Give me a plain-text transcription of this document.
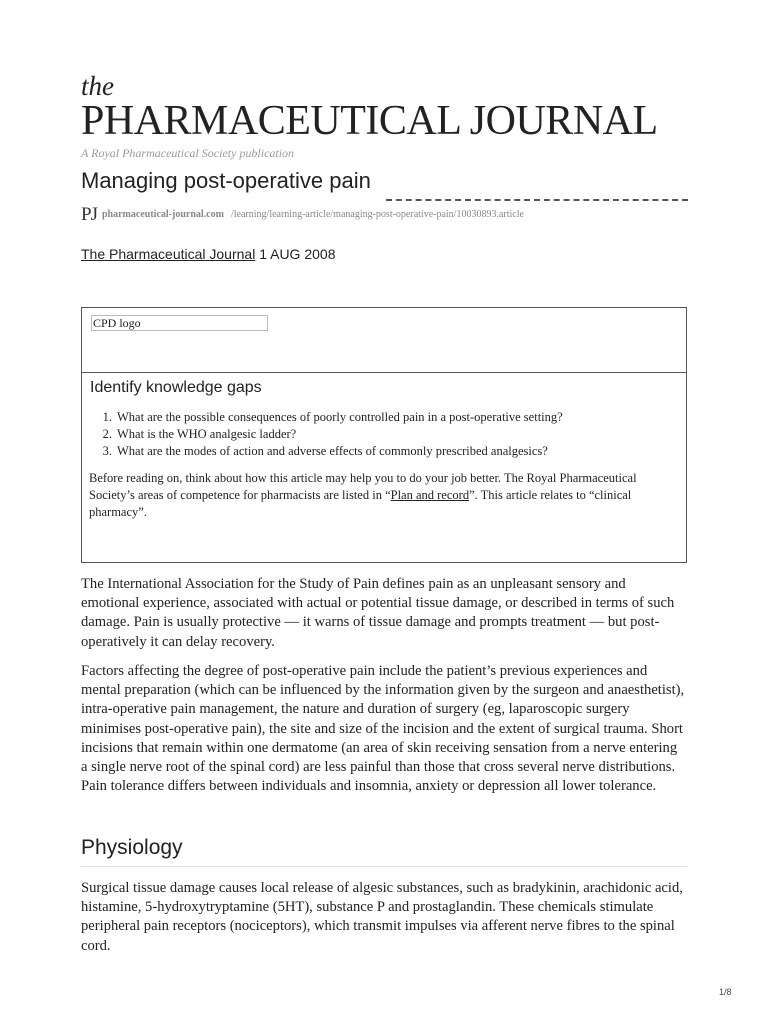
the
PHARMACEUTICAL JOURNAL
A Royal Pharmaceutical Society publication
Managing post-operative pain
PJ pharmaceutical-journal.com /learning/learning-article/managing-post-operative-pain/10030893.article
The Pharmaceutical Journal 1 AUG 2008
CPD logo
Identify knowledge gaps
1. What are the possible consequences of poorly controlled pain in a post-operative setting?
2. What is the WHO analgesic ladder?
3. What are the modes of action and adverse effects of commonly prescribed analgesics?

Before reading on, think about how this article may help you to do your job better. The Royal Pharmaceutical Society’s areas of competence for pharmacists are listed in “Plan and record”. This article relates to “clinical pharmacy”.

The International Association for the Study of Pain defines pain as an unpleasant sensory and emotional experience, associated with actual or potential tissue damage, or described in terms of such damage. Pain is usually protective — it warns of tissue damage and prompts treatment — but post-operatively it can delay recovery.

Factors affecting the degree of post-operative pain include the patient’s previous experiences and mental preparation (which can be influenced by the information given by the surgeon and anaesthetist), intra-operative pain management, the nature and duration of surgery (eg, laparoscopic surgery minimises post-operative pain), the site and size of the incision and the extent of surgical trauma. Short incisions that remain within one dermatome (an area of skin receiving sensation from a nerve entering a single nerve root of the spinal cord) are less painful than those that cross several nerve distributions. Pain tolerance differs between individuals and insomnia, anxiety or depression all lower tolerance.

Physiology

Surgical tissue damage causes local release of algesic substances, such as bradykinin, arachidonic acid, histamine, 5-hydroxytryptamine (5HT), substance P and prostaglandin. These chemicals stimulate peripheral pain receptors (nociceptors), which transmit impulses via afferent nerve fibres to the spinal cord.

1/8
